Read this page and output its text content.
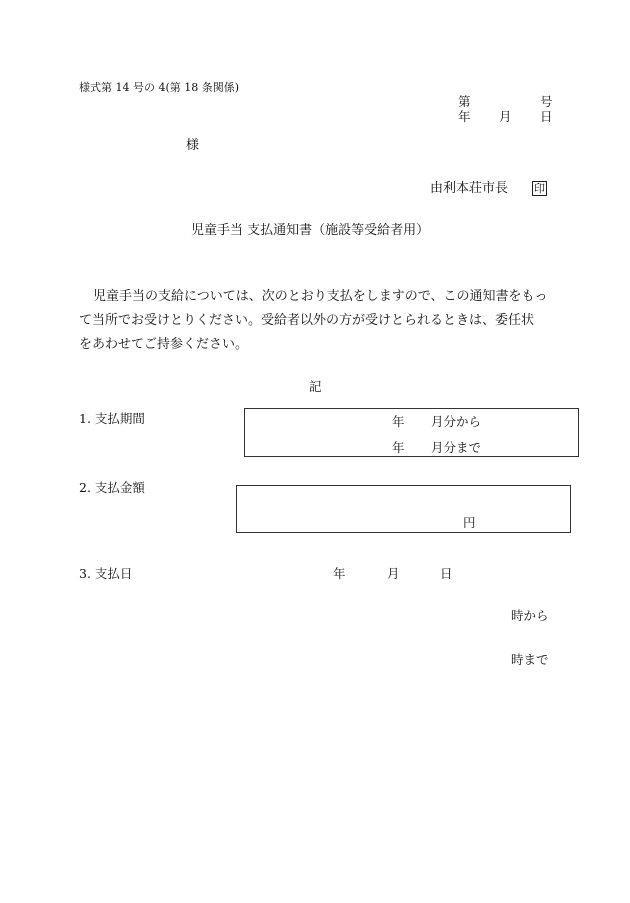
様式第 14 号の 4(第 18 条関係)
第	号
年 月 日
様
由利本荘市長 印
児童手当 支払通知書（施設等受給者用）
児童手当の支給については、次のとおり支払をしますので、この通知書をもっ
て当所でお受けとりください。受給者以外の方が受けとられるときは、委任状
をあわせてご持参ください。
記
1. 支払期間	年 月分から
年 月分まで
2. 支払金額
円
3. 支払日	年	月	日
時から
時まで
